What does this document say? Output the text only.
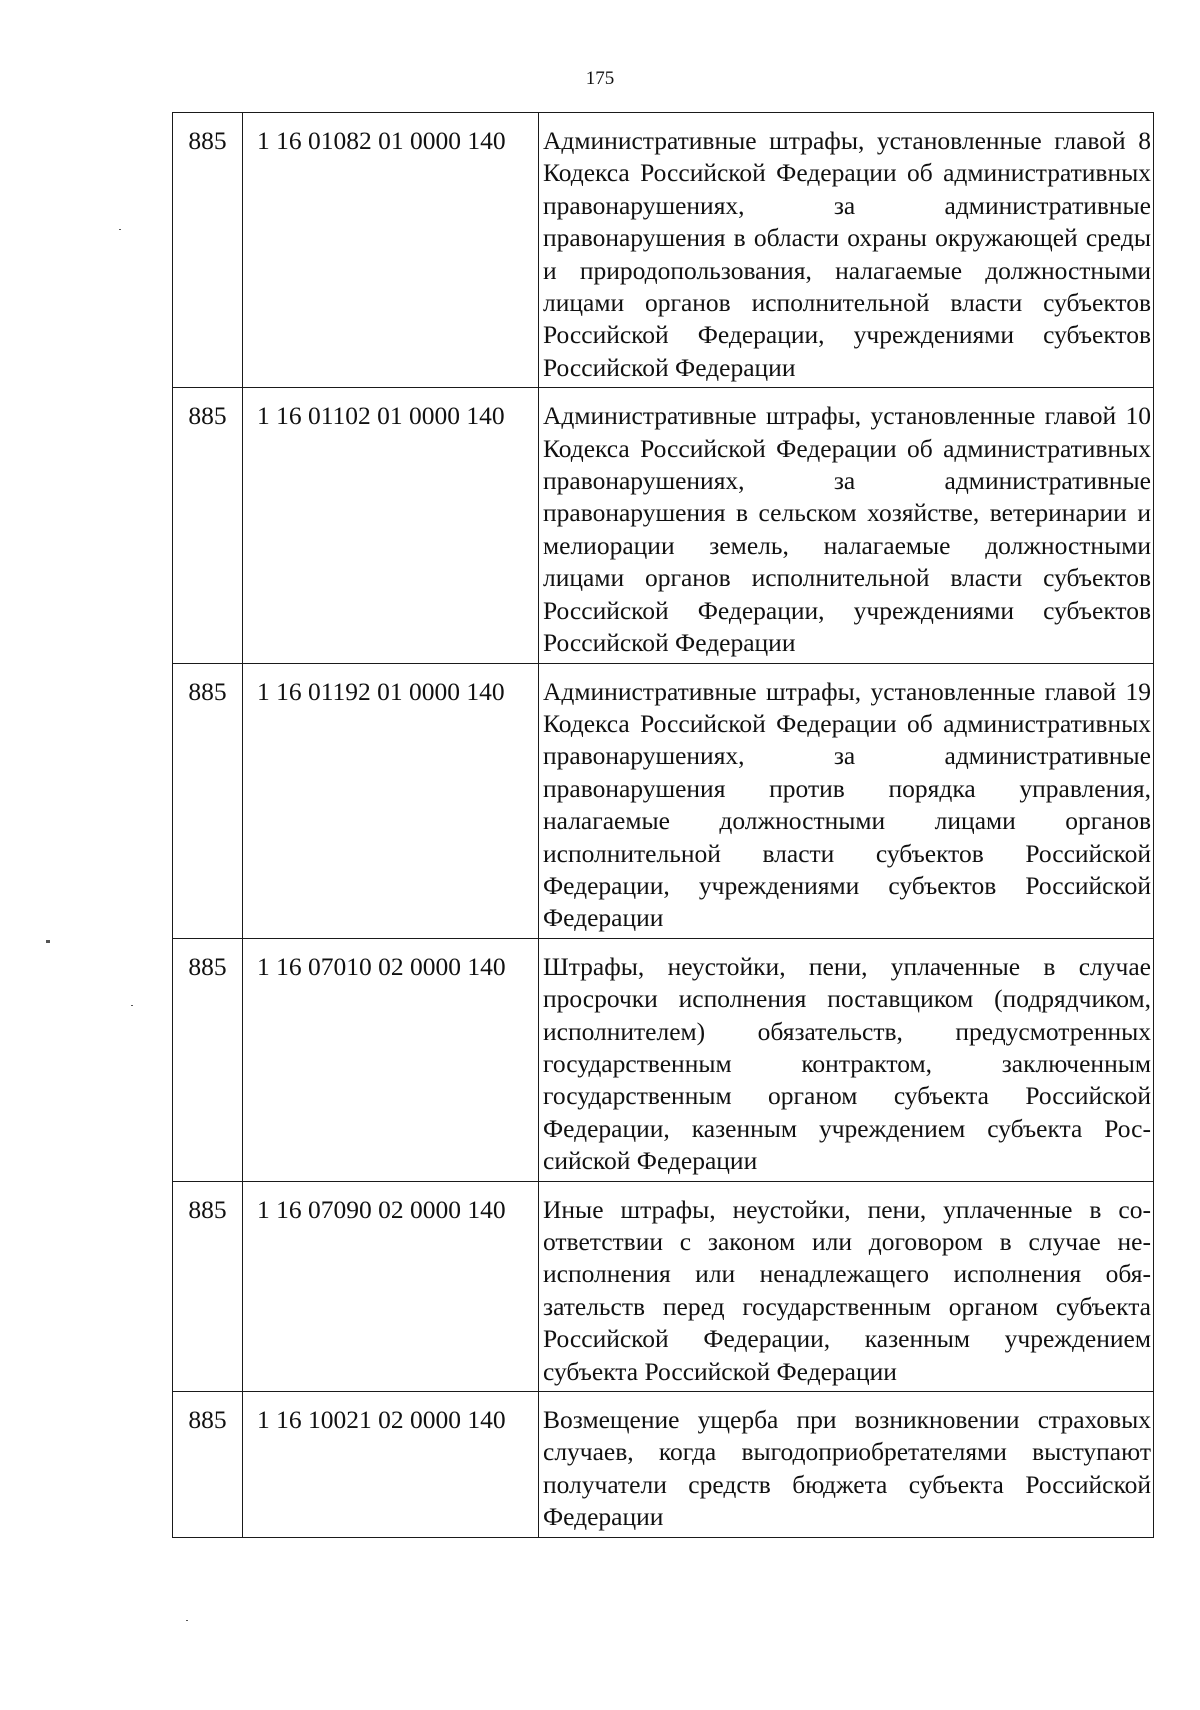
175
885	1 16 01082 01 0000 140	Административные штрафы, установленные главой 8 Кодекса Российской Федерации об административных правонарушениях, за административные правонарушения в области охраны окружающей среды и природопользования, налагаемые должностными лицами органов исполнительной власти субъектов Российской Федерации, учреждениями субъектов Российской Федерации
885	1 16 01102 01 0000 140	Административные штрафы, установленные главой 10 Кодекса Российской Федерации об административных правонарушениях, за административные правонарушения в сельском хозяйстве, ветеринарии и мелиорации земель, налагаемые должностными лицами органов исполнительной власти субъектов Российской Федерации, учреждениями субъектов Российской Федерации
885	1 16 01192 01 0000 140	Административные штрафы, установленные главой 19 Кодекса Российской Федерации об административных правонарушениях, за административные правонарушения против порядка управления, налагаемые должностными лицами органов исполнительной власти субъектов Российской Федерации, учреждениями субъектов Российской Федерации
885	1 16 07010 02 0000 140	Штрафы, неустойки, пени, уплаченные в случае просрочки исполнения поставщиком (подрядчиком, исполнителем) обязательств, предусмотренных государственным контрактом, заключенным государственным органом субъекта Российской Федерации, казенным учреждением субъекта Российской Федерации
885	1 16 07090 02 0000 140	Иные штрафы, неустойки, пени, уплаченные в соответствии с законом или договором в случае неисполнения или ненадлежащего исполнения обязательств перед государственным органом субъекта Российской Федерации, казенным учреждением субъекта Российской Федерации
885	1 16 10021 02 0000 140	Возмещение ущерба при возникновении страховых случаев, когда выгодоприобретателями выступают получатели средств бюджета субъекта Российской Федерации
